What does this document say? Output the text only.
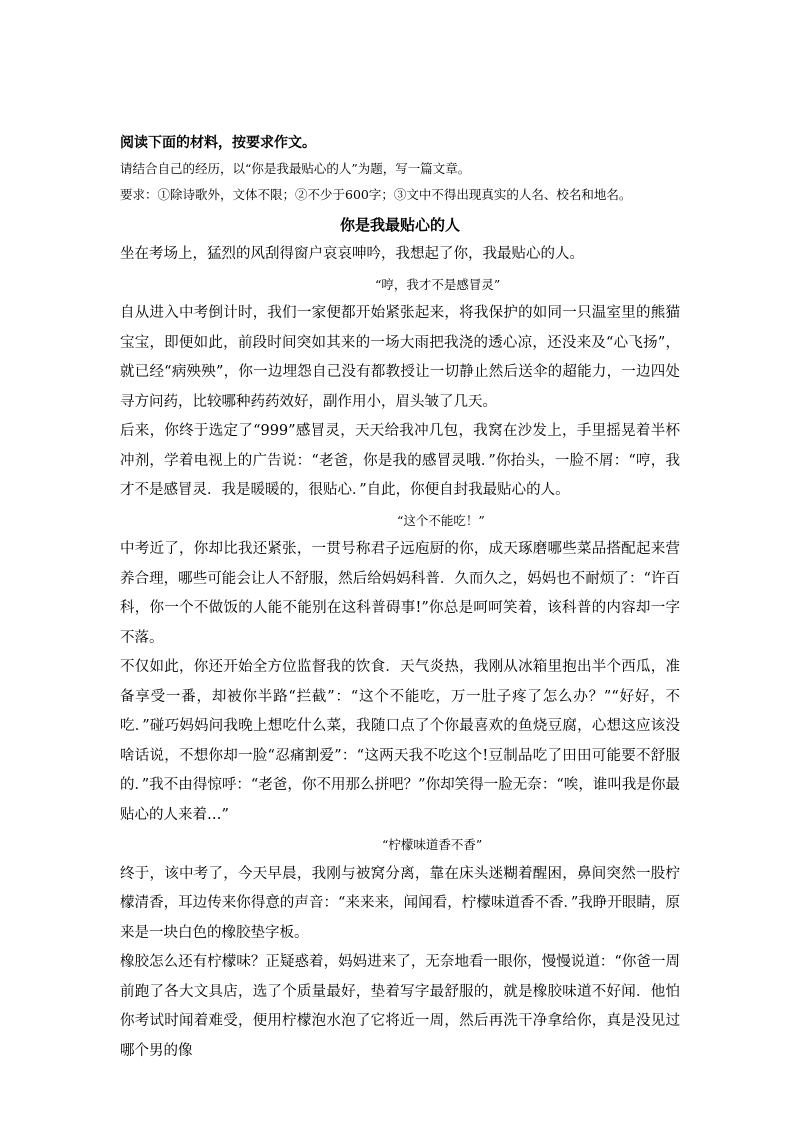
阅读下面的材料，按要求作文。

请结合自己的经历，以“你是我最贴心的人”为题，写一篇文章。

要求：①除诗歌外，文体不限；②不少于600字；③文中不得出现真实的人名、校名和地名。

你是我最贴心的人

坐在考场上，猛烈的风刮得窗户哀哀呻吟，我想起了你，我最贴心的人。

“哼，我才不是感冒灵”

自从进入中考倒计时，我们一家便都开始紧张起来，将我保护的如同一只温室里的熊猫宝宝，即便如此，前段时间突如其来的一场大雨把我浇的透心凉，还没来及“心飞扬”，就已经“病殃殃”，你一边埋怨自己没有都教授让一切静止然后送伞的超能力，一边四处寻方问药，比较哪种药药效好，副作用小，眉头皱了几天。

后来，你终于选定了“999”感冒灵，天天给我冲几包，我窝在沙发上，手里摇晃着半杯冲剂，学着电视上的广告说：“老爸，你是我的感冒灵哦．”你抬头，一脸不屑：“哼，我才不是感冒灵．我是暖暖的，很贴心．”自此，你便自封我最贴心的人。

“这个不能吃！”

中考近了，你却比我还紧张，一贯号称君子远庖厨的你，成天琢磨哪些菜品搭配起来营养合理，哪些可能会让人不舒服，然后给妈妈科普．久而久之，妈妈也不耐烦了：“许百科，你一个不做饭的人能不能别在这科普碍事!”你总是呵呵笑着，该科普的内容却一字不落。

不仅如此，你还开始全方位监督我的饮食．天气炎热，我刚从冰箱里抱出半个西瓜，准备享受一番，却被你半路“拦截”：“这个不能吃，万一肚子疼了怎么办？”“好好，不吃．”碰巧妈妈问我晚上想吃什么菜，我随口点了个你最喜欢的鱼烧豆腐，心想这应该没啥话说，不想你却一脸“忍痛割爱”：“这两天我不吃这个!豆制品吃了田田可能要不舒服的．”我不由得惊呼：“老爸，你不用那么拼吧？”你却笑得一脸无奈：“唉，谁叫我是你最贴心的人来着…”

“柠檬味道香不香”

终于，该中考了，今天早晨，我刚与被窝分离，靠在床头迷糊着醒困，鼻间突然一股柠檬清香，耳边传来你得意的声音：“来来来，闻闻看，柠檬味道香不香．”我睁开眼睛，原来是一块白色的橡胶垫字板。

橡胶怎么还有柠檬味？正疑惑着，妈妈进来了，无奈地看一眼你，慢慢说道：“你爸一周前跑了各大文具店，选了个质量最好，垫着写字最舒服的，就是橡胶味道不好闻．他怕你考试时闻着难受，便用柠檬泡水泡了它将近一周，然后再洗干净拿给你，真是没见过哪个男的像
